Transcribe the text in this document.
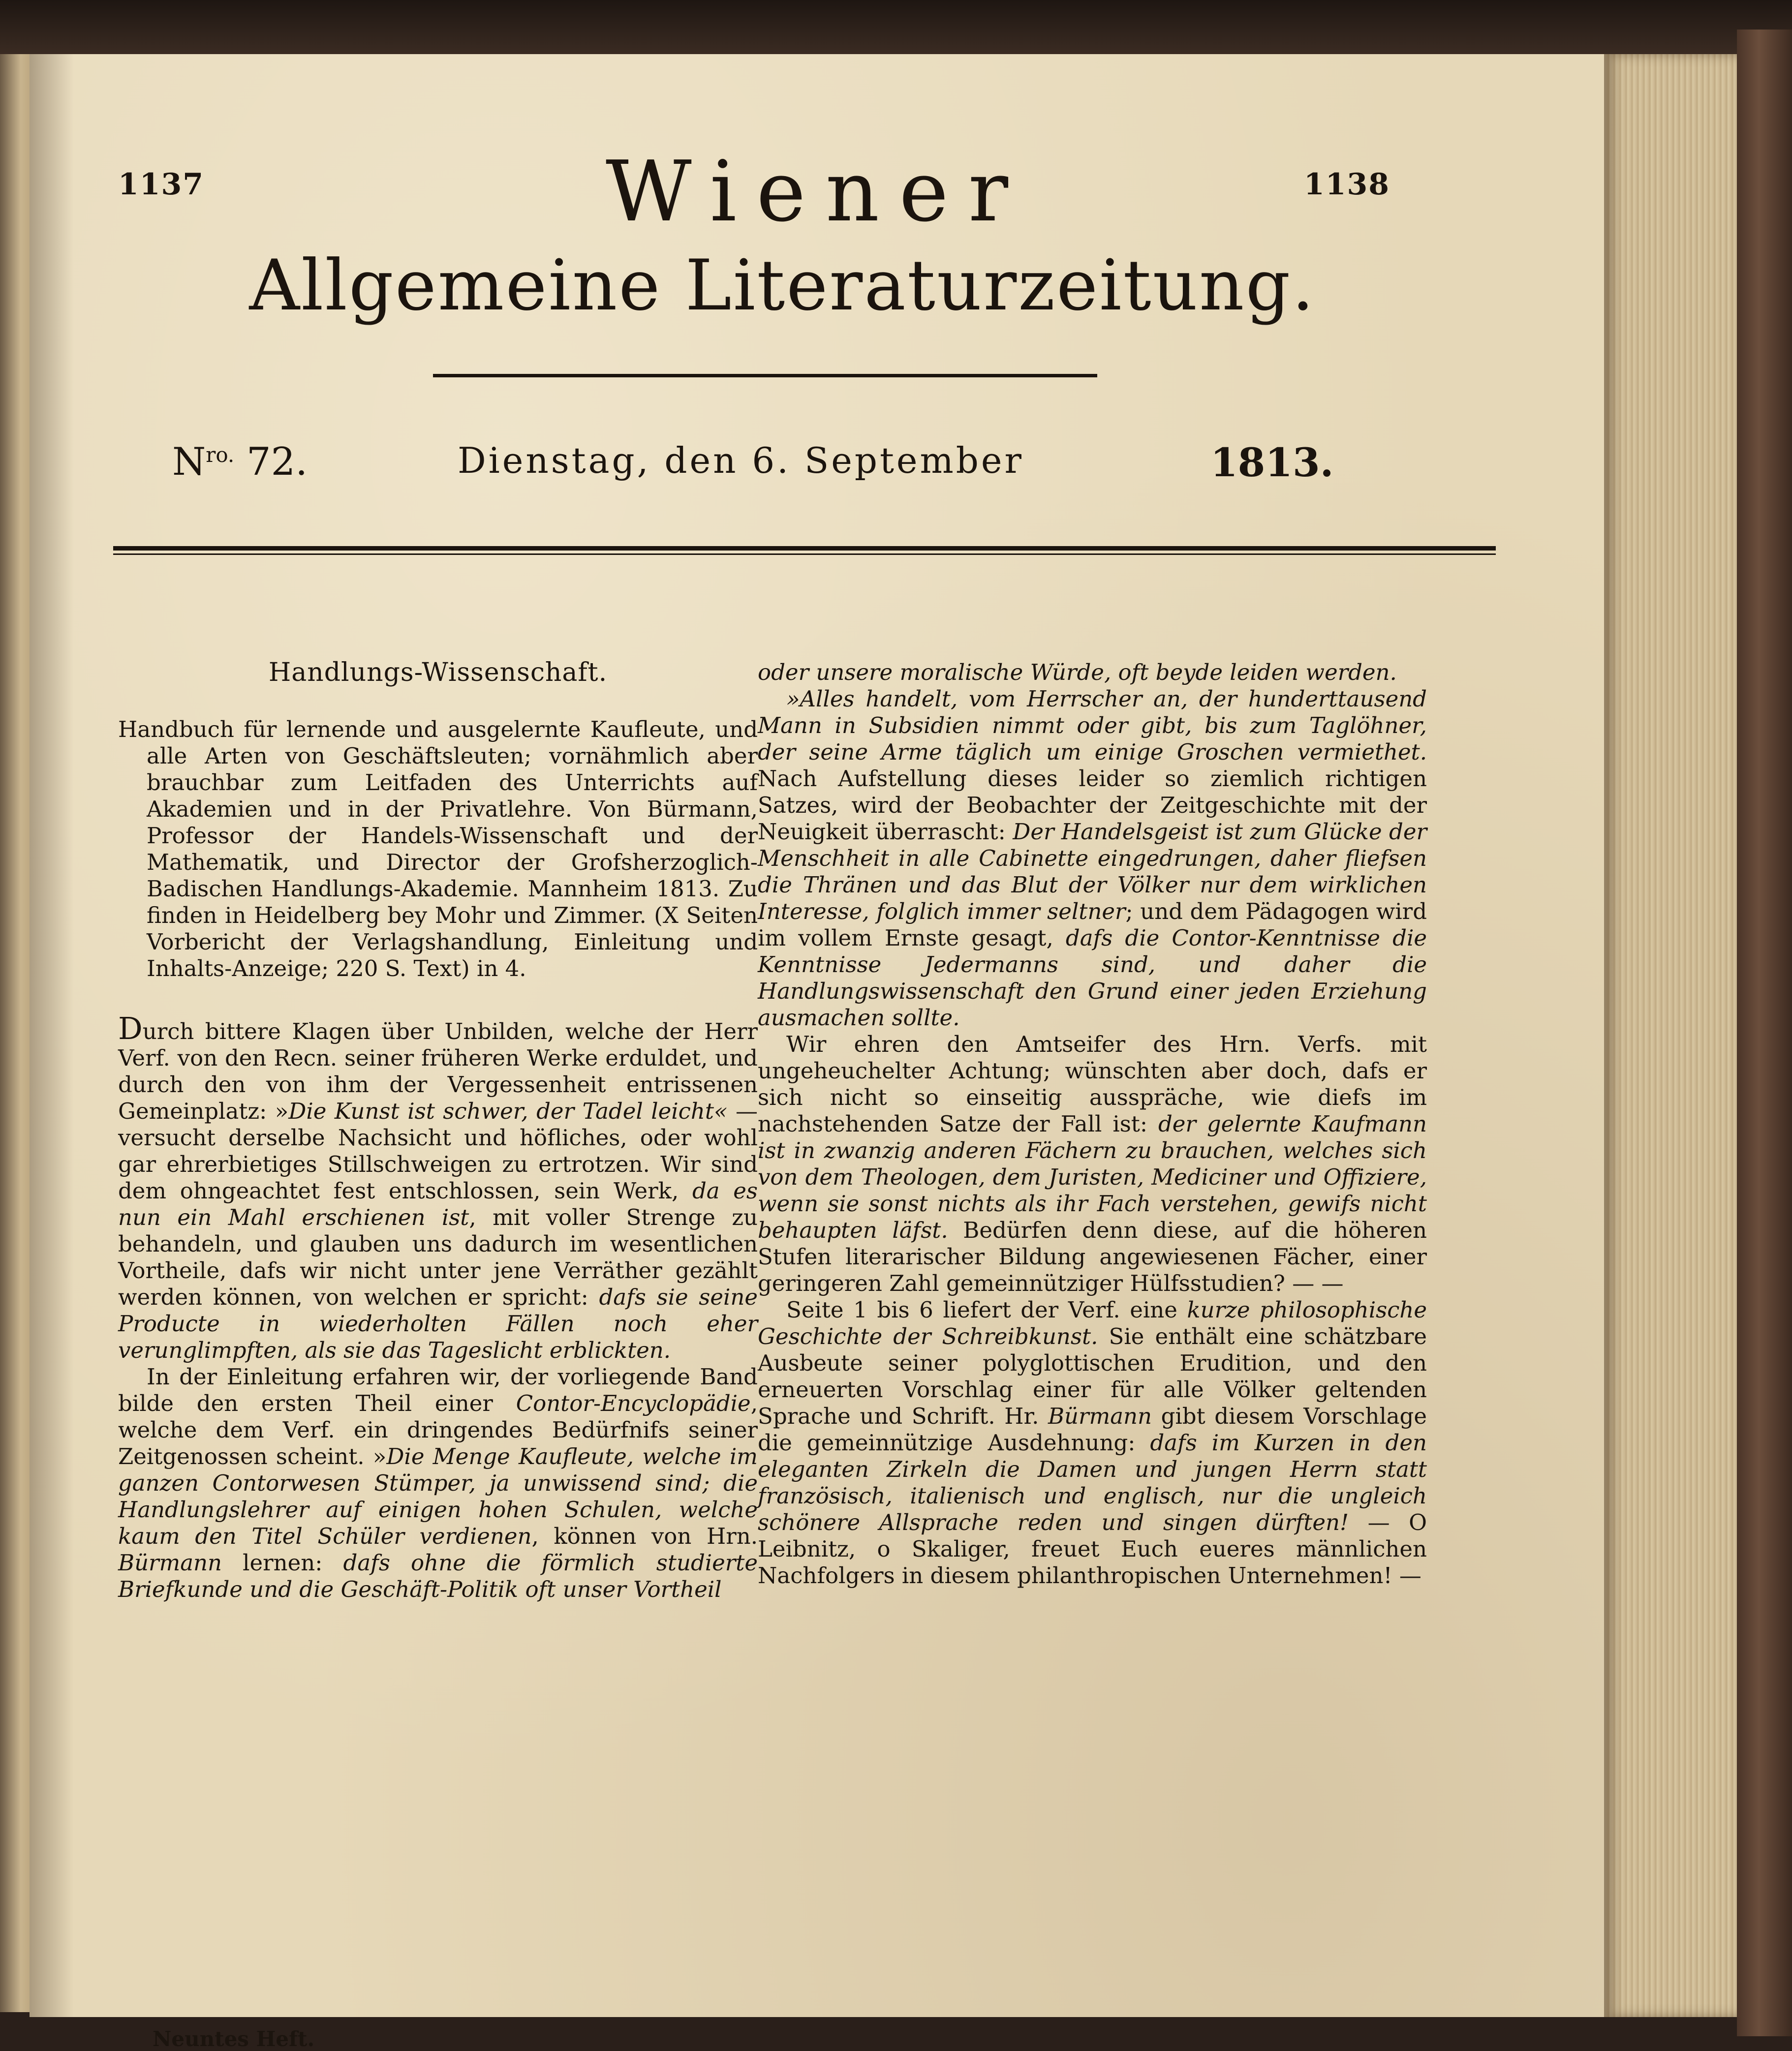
1137	1138
Wiener
Allgemeine Literaturzeitung.
$N^{ro.}$ 72.	Dienstag, den 6. September	1813.

Handlungs-Wissenschaft.

Handbuch für lernende und ausgelernte Kaufleute, und alle Arten von Geschäftsleuten; vornähmlich aber brauchbar zum Leitfaden des Unterrichts auf Akademien und in der Privatlehre. Von Bürmann, Professor der Handels-Wissenschaft und der Mathematik, und Director der Grofsherzoglich-Badischen Handlungs-Akademie. Mannheim 1813. Zu finden in Heidelberg bey Mohr und Zimmer. (X Seiten Vorbericht der Verlagshandlung, Einleitung und Inhalts-Anzeige; 220 S. Text) in 4.

Durch bittere Klagen über Unbilden, welche der Herr Verf. von den Recn. seiner früheren Werke erduldet, und durch den von ihm der Vergessenheit entrissenen Gemeinplatz: »Die Kunst ist schwer, der Tadel leicht« — versucht derselbe Nachsicht und höfliches, oder wohl gar ehrerbietiges Stillschweigen zu ertrotzen. Wir sind dem ohngeachtet fest entschlossen, sein Werk, da es nun ein Mahl erschienen ist, mit voller Strenge zu behandeln, und glauben uns dadurch im wesentlichen Vortheile, dafs wir nicht unter jene Verräther gezählt werden können, von welchen er spricht: dafs sie seine Producte in wiederholten Fällen noch eher verunglimpften, als sie das Tageslicht erblickten.

In der Einleitung erfahren wir, der vorliegende Band bilde den ersten Theil einer Contor-Encyclopädie, welche dem Verf. ein dringendes Bedürfnifs seiner Zeitgenossen scheint. »Die Menge Kaufleute, welche im ganzen Contorwesen Stümper, ja unwissend sind; die Handlungslehrer auf einigen hohen Schulen, welche kaum den Titel Schüler verdienen, können von Hrn. Bürmann lernen: dafs ohne die förmlich studierte Briefkunde und die Geschäft-Politik oft unser Vortheil

oder unsere moralische Würde, oft beyde leiden werden.

»Alles handelt, vom Herrscher an, der hunderttausend Mann in Subsidien nimmt oder gibt, bis zum Taglöhner, der seine Arme täglich um einige Groschen vermiethet. Nach Aufstellung dieses leider so ziemlich richtigen Satzes, wird der Beobachter der Zeitgeschichte mit der Neuigkeit überrascht: Der Handelsgeist ist zum Glücke der Menschheit in alle Cabinette eingedrungen, daher fliefsen die Thränen und das Blut der Völker nur dem wirklichen Interesse, folglich immer seltner; und dem Pädagogen wird im vollem Ernste gesagt, dafs die Contor-Kenntnisse die Kenntnisse Jedermanns sind, und daher die Handlungswissenschaft den Grund einer jeden Erziehung ausmachen sollte.

Wir ehren den Amtseifer des Hrn. Verfs. mit ungeheuchelter Achtung; wünschten aber doch, dafs er sich nicht so einseitig ausspräche, wie diefs im nachstehenden Satze der Fall ist: der gelernte Kaufmann ist in zwanzig anderen Fächern zu brauchen, welches sich von dem Theologen, dem Juristen, Mediciner und Offiziere, wenn sie sonst nichts als ihr Fach verstehen, gewifs nicht behaupten läfst. Bedürfen denn diese, auf die höheren Stufen literarischer Bildung angewiesenen Fächer, einer geringeren Zahl gemeinnütziger Hülfsstudien? — —

Seite 1 bis 6 liefert der Verf. eine kurze philosophische Geschichte der Schreibkunst. Sie enthält eine schätzbare Ausbeute seiner polyglottischen Erudition, und den erneuerten Vorschlag einer für alle Völker geltenden Sprache und Schrift. Hr. Bürmann gibt diesem Vorschlage die gemeinnützige Ausdehnung: dafs im Kurzen in den eleganten Zirkeln die Damen und jungen Herrn statt französisch, italienisch und englisch, nur die ungleich schönere Allsprache reden und singen dürften! — O Leibnitz, o Skaliger, freuet Euch eueres männlichen Nachfolgers in diesem philanthropischen Unternehmen! —

Neuntes Heft.
